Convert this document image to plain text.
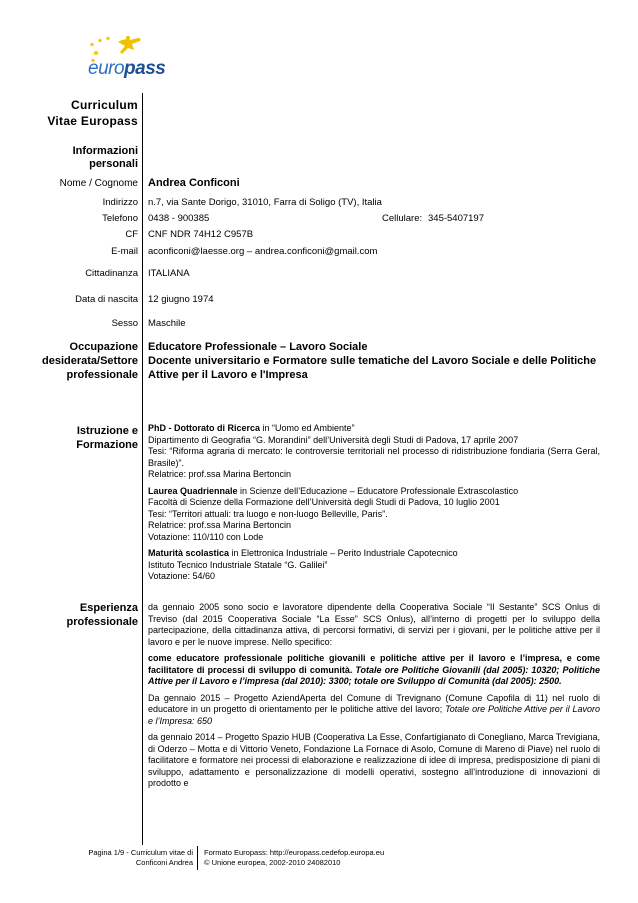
europass
Curriculum
Vitae Europass
Informazioni
personali
Nome / Cognome Andrea Conficoni
Indirizzo n.7, via Sante Dorigo, 31010, Farra di Soligo (TV), Italia
Telefono 0438 - 900385	Cellulare: 345-5407197
CF CNF NDR 74H12 C957B
E-mail aconficoni@laesse.org – andrea.conficoni@gmail.com
Cittadinanza ITALIANA
Data di nascita 12 giugno 1974
Sesso Maschile
Occupazione
desiderata/Settore
professionale
Educatore Professionale – Lavoro Sociale
Docente universitario e Formatore sulle tematiche del Lavoro Sociale e delle Politiche
Attive per il Lavoro e l'Impresa
Istruzione e
Formazione

PhD - Dottorato di Ricerca in “Uomo ed Ambiente”

Dipartimento di Geografia “G. Morandini” dell’Università degli Studi di Padova, 17 aprile 2007

Tesi: “Riforma agraria di mercato: le controversie territoriali nel processo di ridistribuzione fondiaria (Serra Geral, Brasile)”.

Relatrice: prof.ssa Marina Bertoncin

Laurea Quadriennale in Scienze dell’Educazione – Educatore Professionale Extrascolastico

Facoltà di Scienze della Formazione dell’Università degli Studi di Padova, 10 luglio 2001

Tesi: “Territori attuali: tra luogo e non-luogo Belleville, Paris”.

Relatrice: prof.ssa Marina Bertoncin

Votazione: 110/110 con Lode

Maturità scolastica in Elettronica Industriale – Perito Industriale Capotecnico

Istituto Tecnico Industriale Statale “G. Galilei”

Votazione: 54/60

Esperienza
professionale

da gennaio 2005 sono socio e lavoratore dipendente della Cooperativa Sociale “Il Sestante” SCS Onlus di Treviso (dal 2015 Cooperativa Sociale “La Esse” SCS Onlus), all’interno di progetti per lo sviluppo della partecipazione, della cittadinanza attiva, di percorsi formativi, di servizi per i giovani, per le politiche attive per il lavoro e per le nuove imprese. Nello specifico:

come educatore professionale politiche giovanili e politiche attive per il lavoro e l’impresa, e come facilitatore di processi di sviluppo di comunità. Totale ore Politiche Giovanili (dal 2005): 10320; Politiche Attive per il Lavoro e l’impresa (dal 2010): 3300; totale ore Sviluppo di Comunità (dal 2005): 2500.

Da gennaio 2015 – Progetto AziendAperta del Comune di Trevignano (Comune Capofila di 11) nel ruolo di educatore in un progetto di orientamento per le politiche attive del lavoro; Totale ore Politiche Attive per il Lavoro e l’Impresa: 650

da gennaio 2014 – Progetto Spazio HUB (Cooperativa La Esse, Confartigianato di Conegliano, Marca Trevigiana, di Oderzo – Motta e di Vittorio Veneto, Fondazione La Fornace di Asolo, Comune di Mareno di Piave) nel ruolo di facilitatore e formatore nei processi di elaborazione e realizzazione di idee di impresa, predisposizione di piani di sviluppo, adattamento e personalizzazione di modelli operativi, sostegno all’introduzione di innovazioni di prodotto e

Pagina 1/9 - Curriculum vitae di
Conficoni Andrea
Formato Europass: http://europass.cedefop.europa.eu
© Unione europea, 2002-2010 24082010
